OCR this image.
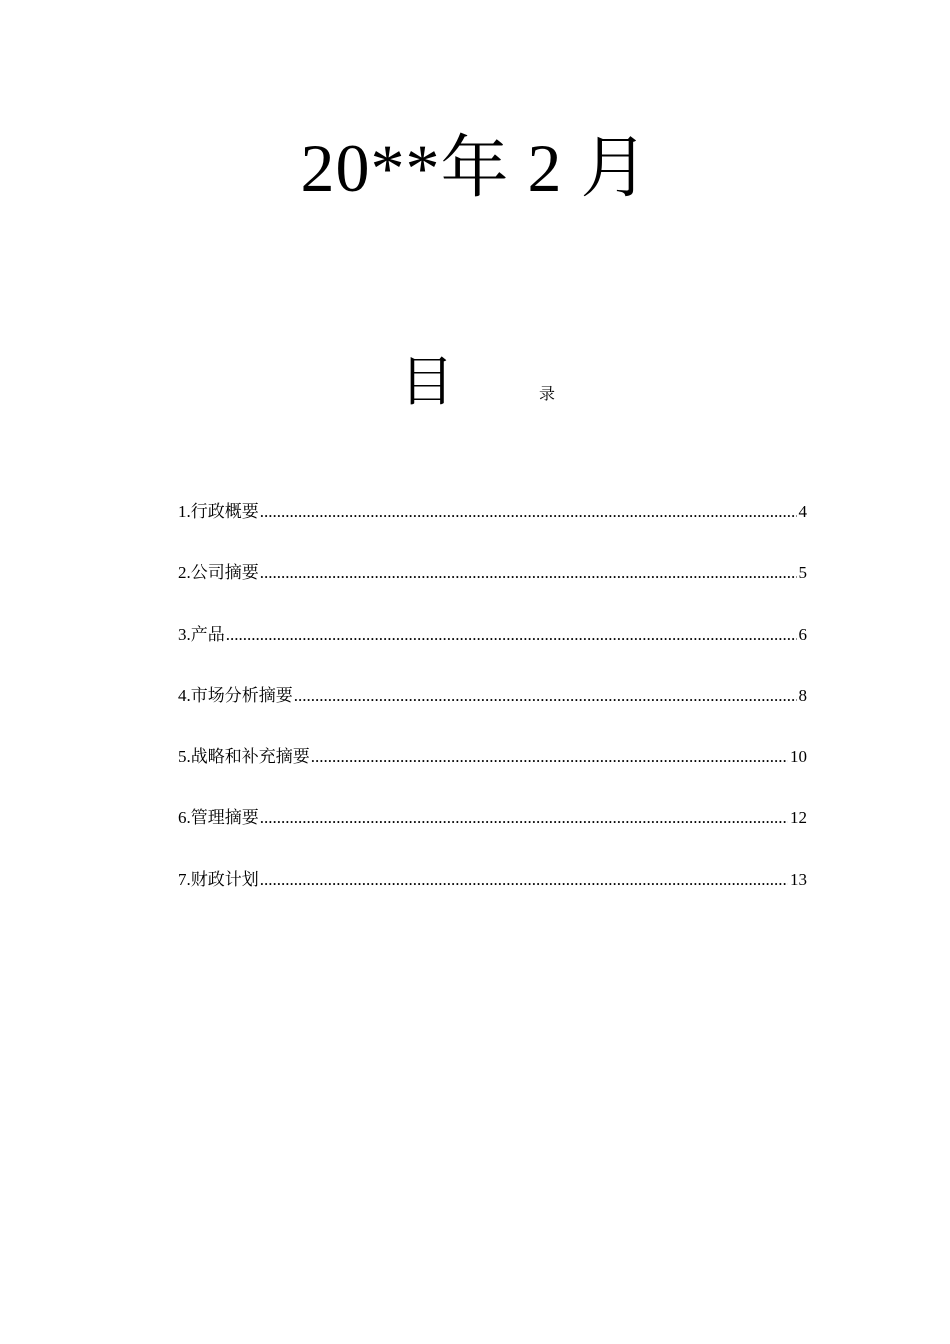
20**年 2 月
目	录
1.行政概要 .....	4
2.公司摘要 .....	5
3.产品 .....	6
4.市场分析摘要 .....	8
5.战略和补充摘要 .....	10
6.管理摘要 .....	12
7.财政计划 .....	13
